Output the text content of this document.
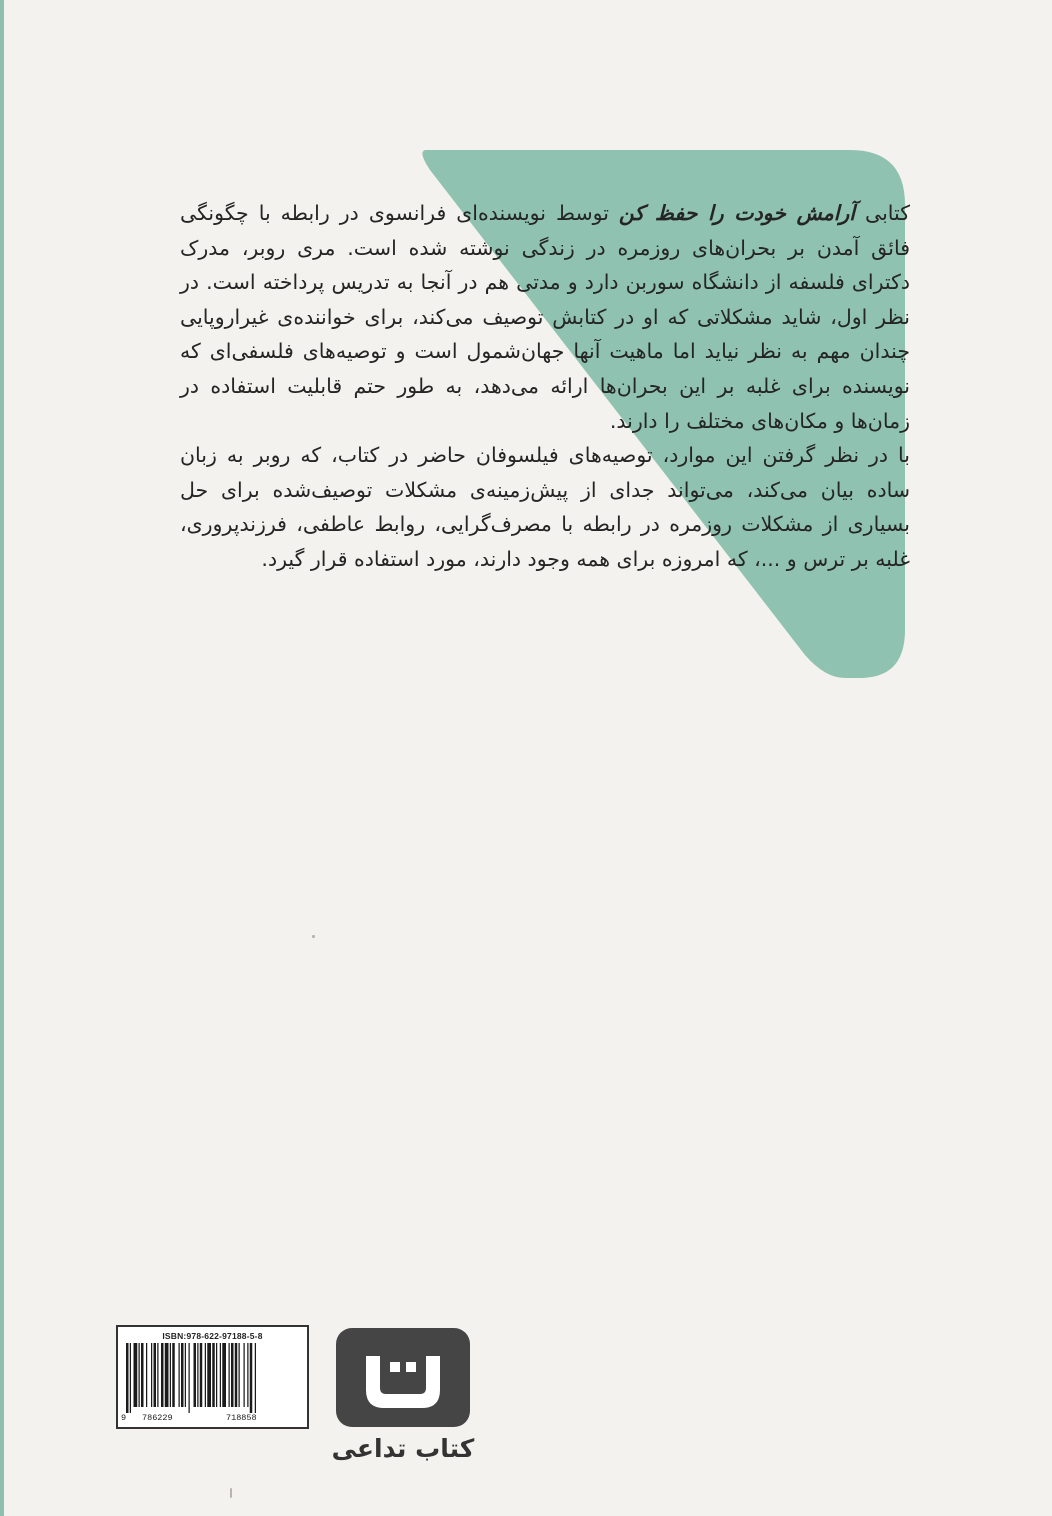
کتابی آرامش خودت را حفظ کن توسط نویسنده‌ای فرانسوی در رابطه با چگونگی فائق آمدن بر بحران‌های روزمره در زندگی نوشته شده است. مری روبر، مدرک دکترای فلسفه از دانشگاه سوربن دارد و مدتی هم در آنجا به تدریس پرداخته است. در نظر اول، شاید مشکلاتی که او در کتابش توصیف می‌کند، برای خواننده‌ی غیراروپایی چندان مهم به نظر نیاید اما ماهیت آنها جهان‌شمول است و توصیه‌های فلسفی‌ای که نویسنده برای غلبه بر این بحران‌ها ارائه می‌دهد، به طور حتم قابلیت استفاده در زمان‌ها و مکان‌های مختلف را دارند.

با در نظر گرفتن این موارد، توصیه‌های فیلسوفان حاضر در کتاب، که روبر به زبان ساده بیان می‌کند، می‌تواند جدای از پیش‌زمینه‌ی مشکلات توصیف‌شده برای حل بسیاری از مشکلات روزمره در رابطه با مصرف‌گرایی، روابط عاطفی، فرزندپروری، غلبه بر ترس و ...، که امروزه برای همه وجود دارند، مورد استفاده قرار گیرد.

ISBN:978-622-97188-5-8
9 786229	718858
کتاب تداعی
